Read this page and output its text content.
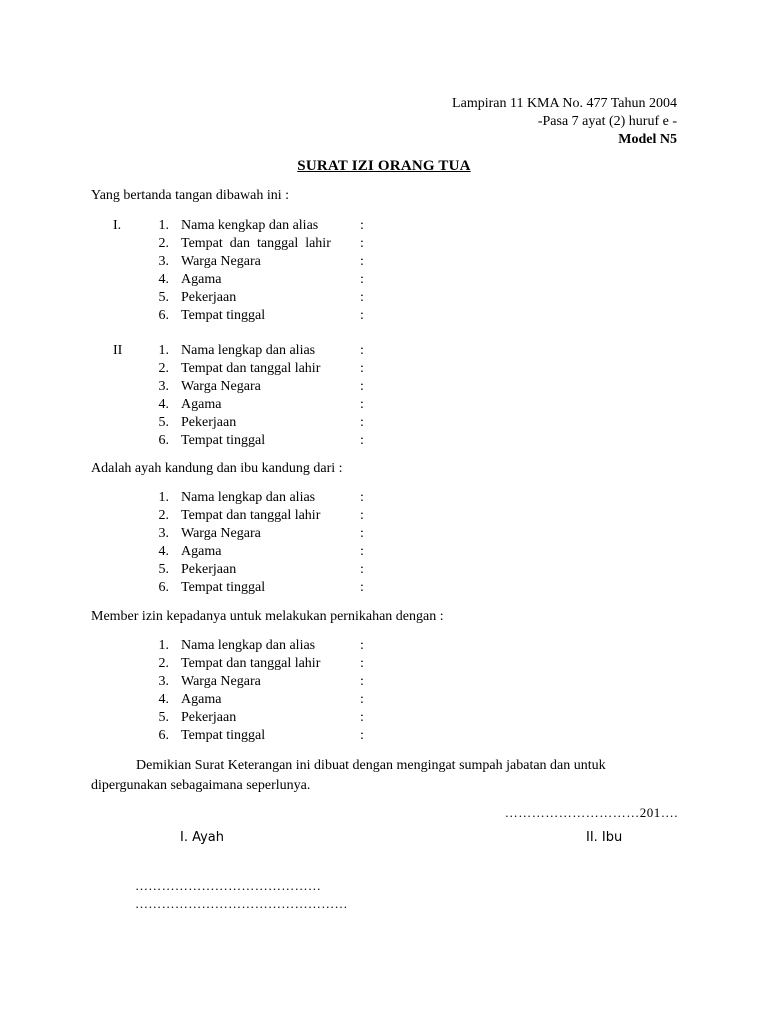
Lampiran 11 KMA No. 477 Tahun 2004
-Pasa 7 ayat (2) huruf e -
Model N5
SURAT IZI ORANG TUA
Yang bertanda tangan dibawah ini :
I.	1. Nama kengkap dan alias	:
2. Tempat  dan  tanggal  lahir :
3. Warga Negara	:
4. Agama	:
5. Pekerjaan	:
6. Tempat tinggal	:
II	1. Nama lengkap dan alias	:
2. Tempat dan tanggal lahir	:
3. Warga Negara	:
4. Agama	:
5. Pekerjaan	:
6. Tempat tinggal	:
Adalah ayah kandung dan ibu kandung dari :
1. Nama lengkap dan alias	:
2. Tempat dan tanggal lahir	:
3. Warga Negara	:
4. Agama	:
5. Pekerjaan	:
6. Tempat tinggal	:
Member izin kepadanya untuk melakukan pernikahan dengan :
1. Nama lengkap dan alias	:
2. Tempat dan tanggal lahir	:
3. Warga Negara	:
4. Agama	:
5. Pekerjaan	:
6. Tempat tinggal	:
Demikian Surat Keterangan ini dibuat dengan mengingat sumpah jabatan dan untuk dipergunakan sebagaimana seperlunya.
…………………………201….
I. Ayah	II. Ibu
……………………………………
…………………………………………
